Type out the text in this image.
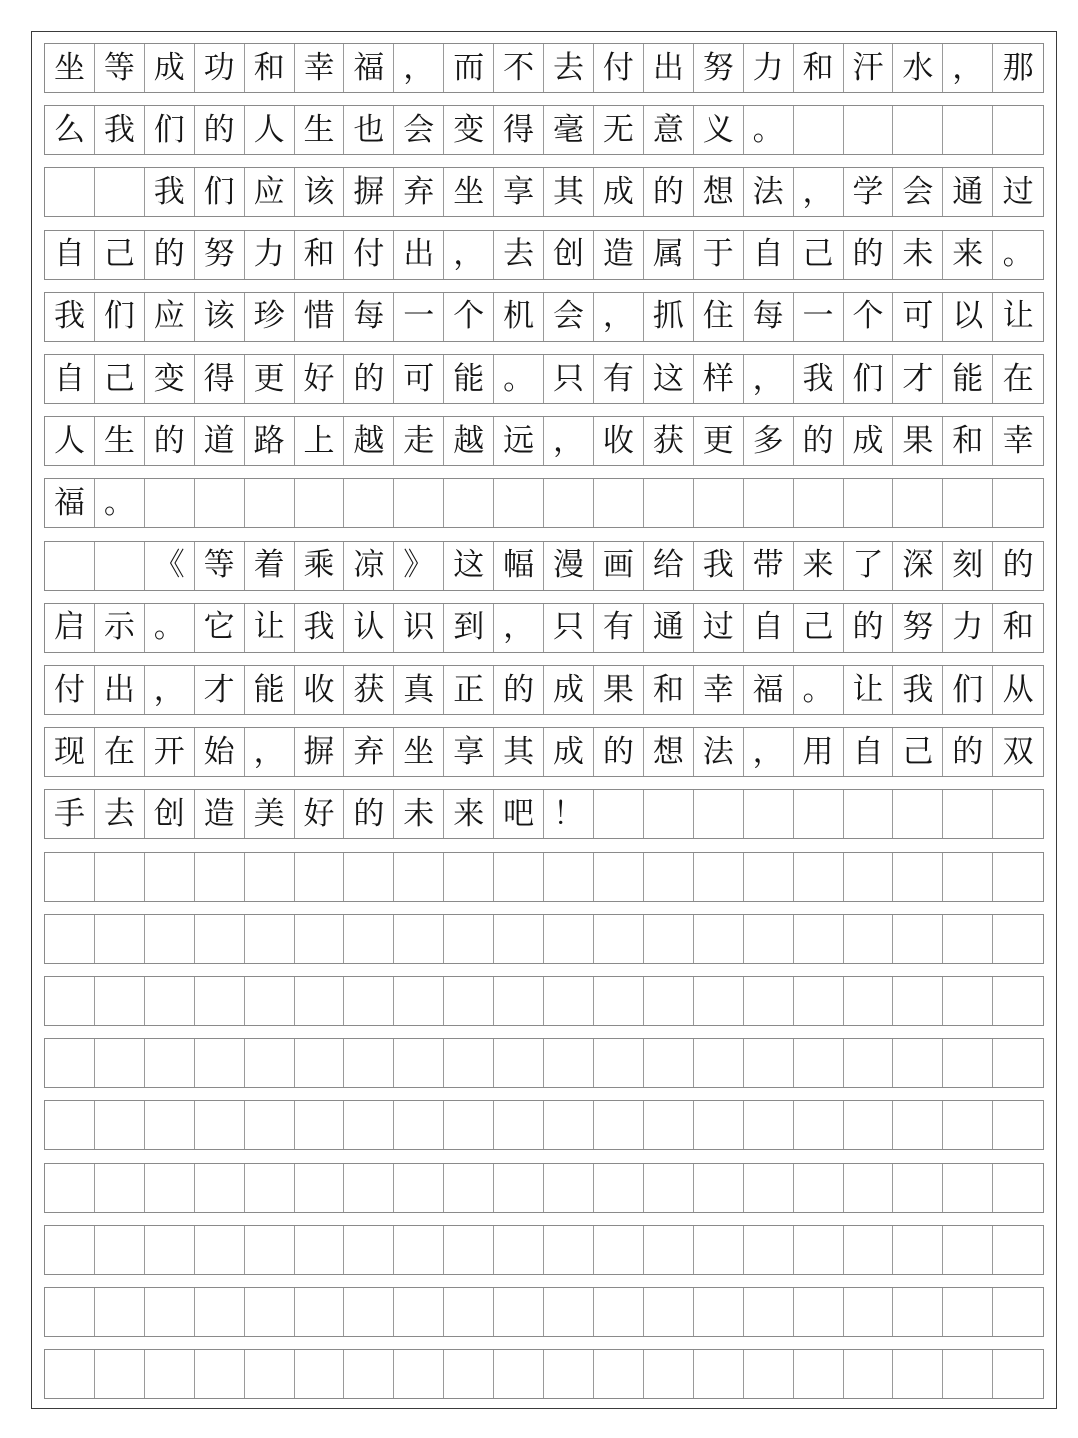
坐 等 成 功 和 幸 福 ， 而 不 去 付 出 努 力 和 汗 水 ， 那
么 我 们 的 人 生 也 会 变 得 毫 无 意 义 。
我 们 应 该 摒 弃 坐 享 其 成 的 想 法 ， 学 会 通 过
自 己 的 努 力 和 付 出 ， 去 创 造 属 于 自 己 的 未 来 。
我 们 应 该 珍 惜 每 一 个 机 会 ， 抓 住 每 一 个 可 以 让
自 己 变 得 更 好 的 可 能 。 只 有 这 样 ， 我 们 才 能 在
人 生 的 道 路 上 越 走 越 远 ， 收 获 更 多 的 成 果 和 幸
福 。
《 等 着 乘 凉 》 这 幅 漫 画 给 我 带 来 了 深 刻 的
启 示 。 它 让 我 认 识 到 ， 只 有 通 过 自 己 的 努 力 和
付 出 ， 才 能 收 获 真 正 的 成 果 和 幸 福 。 让 我 们 从
现 在 开 始 ， 摒 弃 坐 享 其 成 的 想 法 ， 用 自 己 的 双
手 去 创 造 美 好 的 未 来 吧 ！
